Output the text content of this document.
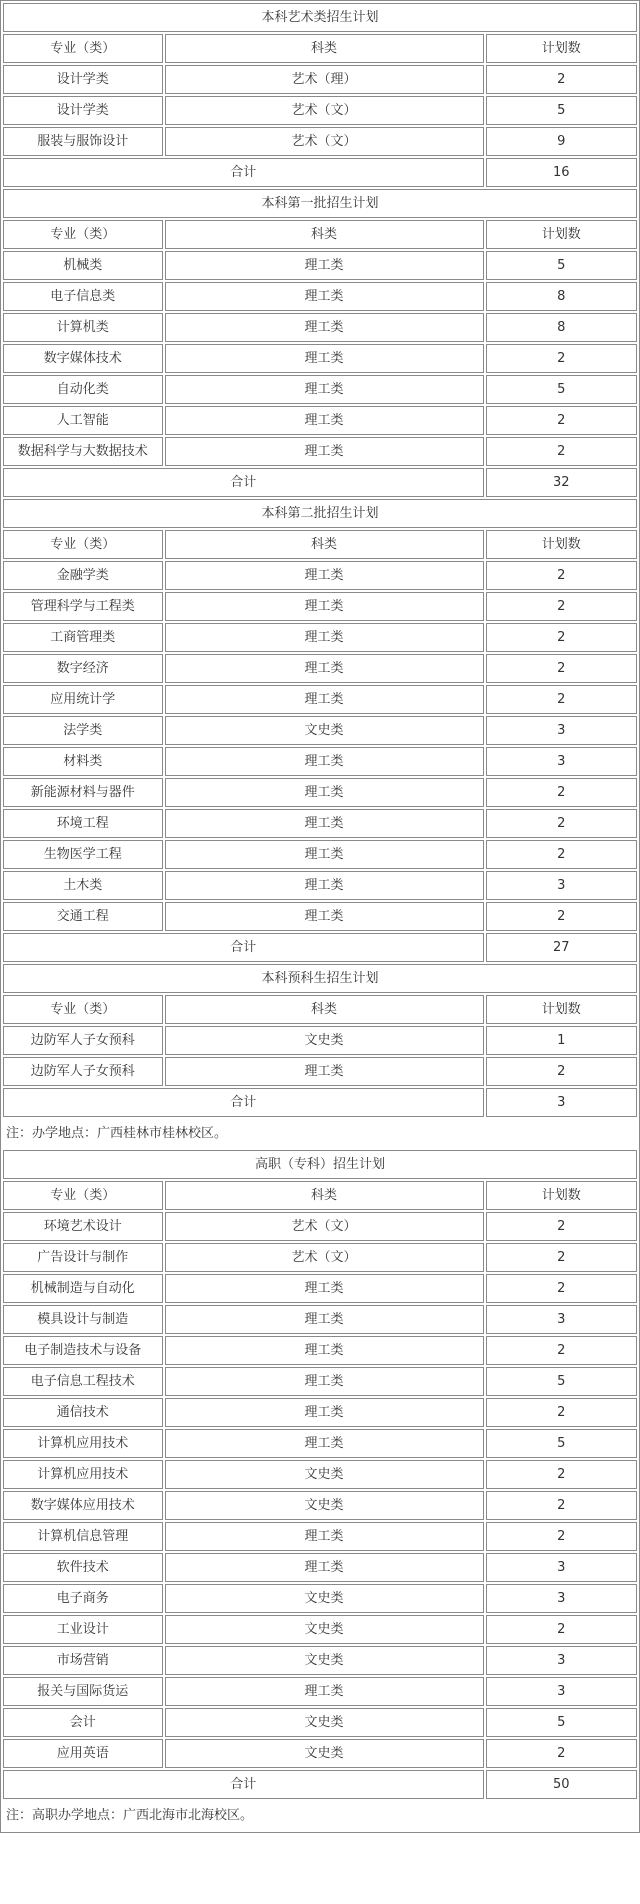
本科艺术类招生计划		
专业（类）	科类	计划数
设计学类	艺术（理）	2
设计学类	艺术（文）	5
服装与服饰设计	艺术（文）	9
合计		16
本科第一批招生计划		
专业（类）	科类	计划数
机械类	理工类	5
电子信息类	理工类	8
计算机类	理工类	8
数字媒体技术	理工类	2
自动化类	理工类	5
人工智能	理工类	2
数据科学与大数据技术	理工类	2
合计		32
本科第二批招生计划		
专业（类）	科类	计划数
金融学类	理工类	2
管理科学与工程类	理工类	2
工商管理类	理工类	2
数字经济	理工类	2
应用统计学	理工类	2
法学类	文史类	3
材料类	理工类	3
新能源材料与器件	理工类	2
环境工程	理工类	2
生物医学工程	理工类	2
土木类	理工类	3
交通工程	理工类	2
合计		27
本科预科生招生计划		
专业（类）	科类	计划数
边防军人子女预科	文史类	1
边防军人子女预科	理工类	2
合计		3
注：办学地点：广西桂林市桂林校区。		
高职（专科）招生计划		
专业（类）	科类	计划数
环境艺术设计	艺术（文）	2
广告设计与制作	艺术（文）	2
机械制造与自动化	理工类	2
模具设计与制造	理工类	3
电子制造技术与设备	理工类	2
电子信息工程技术	理工类	5
通信技术	理工类	2
计算机应用技术	理工类	5
计算机应用技术	文史类	2
数字媒体应用技术	文史类	2
计算机信息管理	理工类	2
软件技术	理工类	3
电子商务	文史类	3
工业设计	文史类	2
市场营销	文史类	3
报关与国际货运	理工类	3
会计	文史类	5
应用英语	文史类	2
合计		50
注：高职办学地点：广西北海市北海校区。		
